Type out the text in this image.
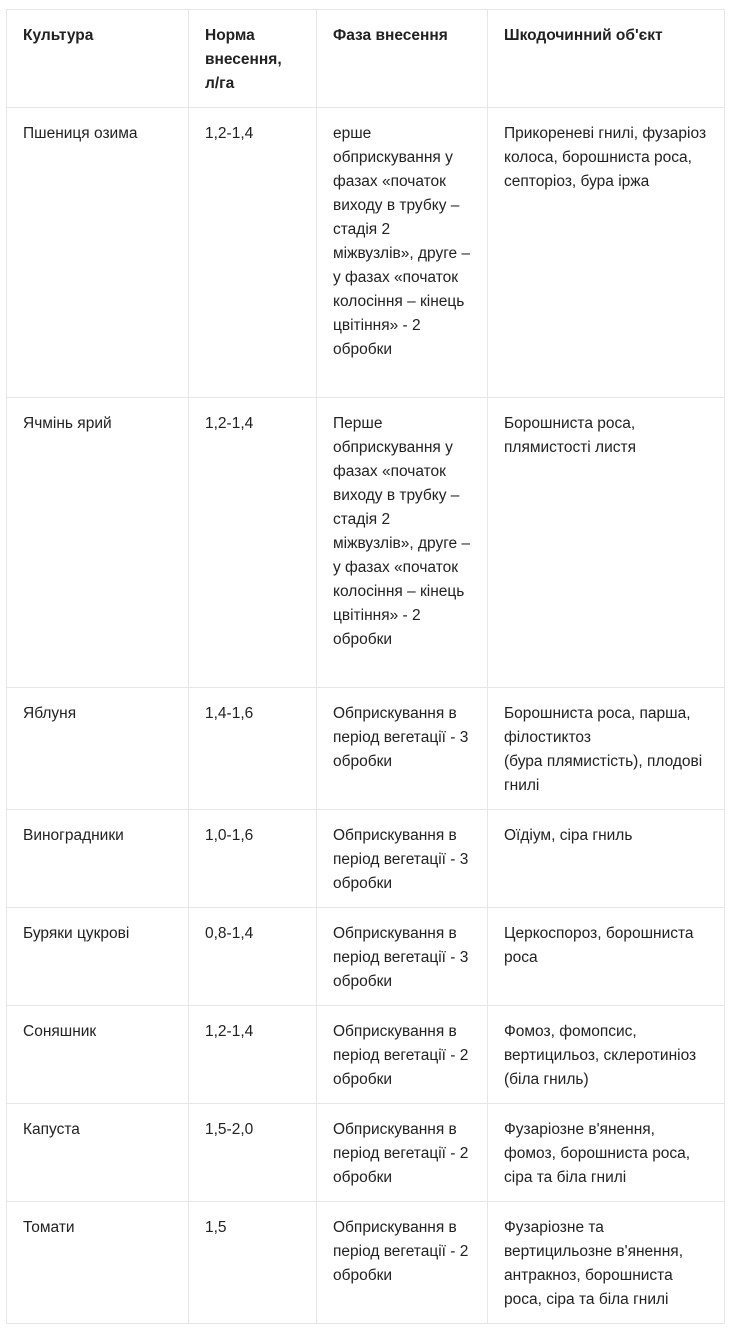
Культура	Норма внесення, л/га	Фаза внесення	Шкодочинний об'єкт
Пшениця озима	1,2-1,4	ерше обприскування у фазах «початок виходу в трубку – стадія 2 міжвузлів», друге – у фазах «початок колосіння – кінець цвітіння» - 2 обробки	Прикореневі гнилі, фузаріоз
колоса, борошниста роса, септоріоз, бура іржа
Ячмінь ярий	1,2-1,4	Перше обприскування у фазах «початок виходу в трубку – стадія 2
міжвузлів», друге – у фазах «початок колосіння – кінець цвітіння» - 2 обробки	Борошниста роса, плямистості листя
Яблуня	1,4-1,6	Обприскування в період вегетації - 3 обробки	Борошниста роса, парша, філостиктоз
(бура плямистість), плодові гнилі
Виноградники	1,0-1,6	Обприскування в період вегетації - 3 обробки	Оїдіум, сіра гниль
Буряки цукрові	0,8-1,4	Обприскування в період вегетації - 3 обробки	Церкоспороз, борошниста роса
Соняшник	1,2-1,4	Обприскування в період вегетації - 2 обробки	Фомоз, фомопсис, вертицильоз, склеротиніоз (біла гниль)
Капуста	1,5-2,0	Обприскування в період вегетації - 2 обробки	Фузаріозне в'янення, фомоз, борошниста роса, сіра та біла гнилі
Томати	1,5	Обприскування в період вегетації - 2 обробки	Фузаріозне та вертицильозне в'янення, антракноз, борошниста роса, сіра та біла гнилі
